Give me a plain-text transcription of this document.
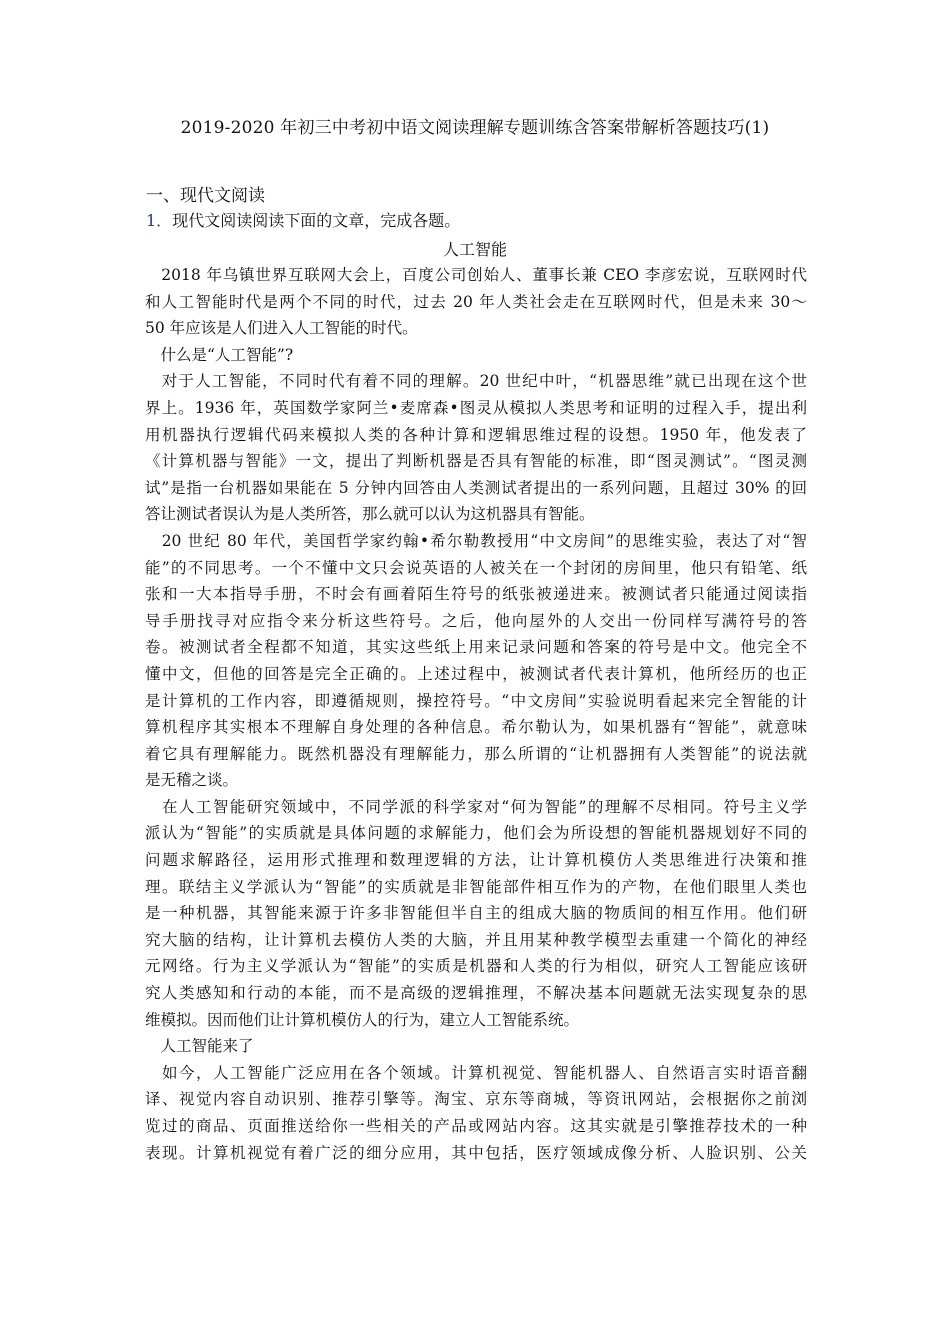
2019-2020 年初三中考初中语文阅读理解专题训练含答案带解析答题技巧(1)
一、现代文阅读
1．现代文阅读阅读下面的文章，完成各题。
人工智能
　2018 年乌镇世界互联网大会上，百度公司创始人、董事长兼 CEO 李彦宏说，互联网时代
和人工智能时代是两个不同的时代，过去 20 年人类社会走在互联网时代，但是未来 30～
50 年应该是人们进入人工智能的时代。
　什么是“人工智能”?
　对于人工智能，不同时代有着不同的理解。20 世纪中叶，“机器思维”就已出现在这个世
界上。1936 年，英国数学家阿兰•麦席森•图灵从模拟人类思考和证明的过程入手，提出利
用机器执行逻辑代码来模拟人类的各种计算和逻辑思维过程的设想。1950 年，他发表了
《计算机器与智能》一文，提出了判断机器是否具有智能的标准，即“图灵测试”。“图灵测
试”是指一台机器如果能在 5 分钟内回答由人类测试者提出的一系列问题，且超过 30% 的回
答让测试者误认为是人类所答，那么就可以认为这机器具有智能。
　20 世纪 80 年代，美国哲学家约翰•希尔勒教授用“中文房间”的思维实验，表达了对“智
能”的不同思考。一个不懂中文只会说英语的人被关在一个封闭的房间里，他只有铅笔、纸
张和一大本指导手册，不时会有画着陌生符号的纸张被递进来。被测试者只能通过阅读指
导手册找寻对应指令来分析这些符号。之后，他向屋外的人交出一份同样写满符号的答
卷。被测试者全程都不知道，其实这些纸上用来记录问题和答案的符号是中文。他完全不
懂中文，但他的回答是完全正确的。上述过程中，被测试者代表计算机，他所经历的也正
是计算机的工作内容，即遵循规则，操控符号。“中文房间”实验说明看起来完全智能的计
算机程序其实根本不理解自身处理的各种信息。希尔勒认为，如果机器有“智能”，就意味
着它具有理解能力。既然机器没有理解能力，那么所谓的“让机器拥有人类智能”的说法就
是无稽之谈。
　在人工智能研究领域中，不同学派的科学家对“何为智能”的理解不尽相同。符号主义学
派认为“智能”的实质就是具体问题的求解能力，他们会为所设想的智能机器规划好不同的
问题求解路径，运用形式推理和数理逻辑的方法，让计算机模仿人类思维进行决策和推
理。联结主义学派认为“智能”的实质就是非智能部件相互作为的产物，在他们眼里人类也
是一种机器，其智能来源于许多非智能但半自主的组成大脑的物质间的相互作用。他们研
究大脑的结构，让计算机去模仿人类的大脑，并且用某种教学模型去重建一个简化的神经
元网络。行为主义学派认为“智能”的实质是机器和人类的行为相似，研究人工智能应该研
究人类感知和行动的本能，而不是高级的逻辑推理，不解决基本问题就无法实现复杂的思
维模拟。因而他们让计算机模仿人的行为，建立人工智能系统。
　人工智能来了
　如今，人工智能广泛应用在各个领域。计算机视觉、智能机器人、自然语言实时语音翻
译、视觉内容自动识别、推荐引擎等。淘宝、京东等商城，等资讯网站，会根据你之前浏
览过的商品、页面推送给你一些相关的产品或网站内容。这其实就是引擎推荐技术的一种
表现。计算机视觉有着广泛的细分应用，其中包括，医疗领域成像分析、人脸识别、公关
